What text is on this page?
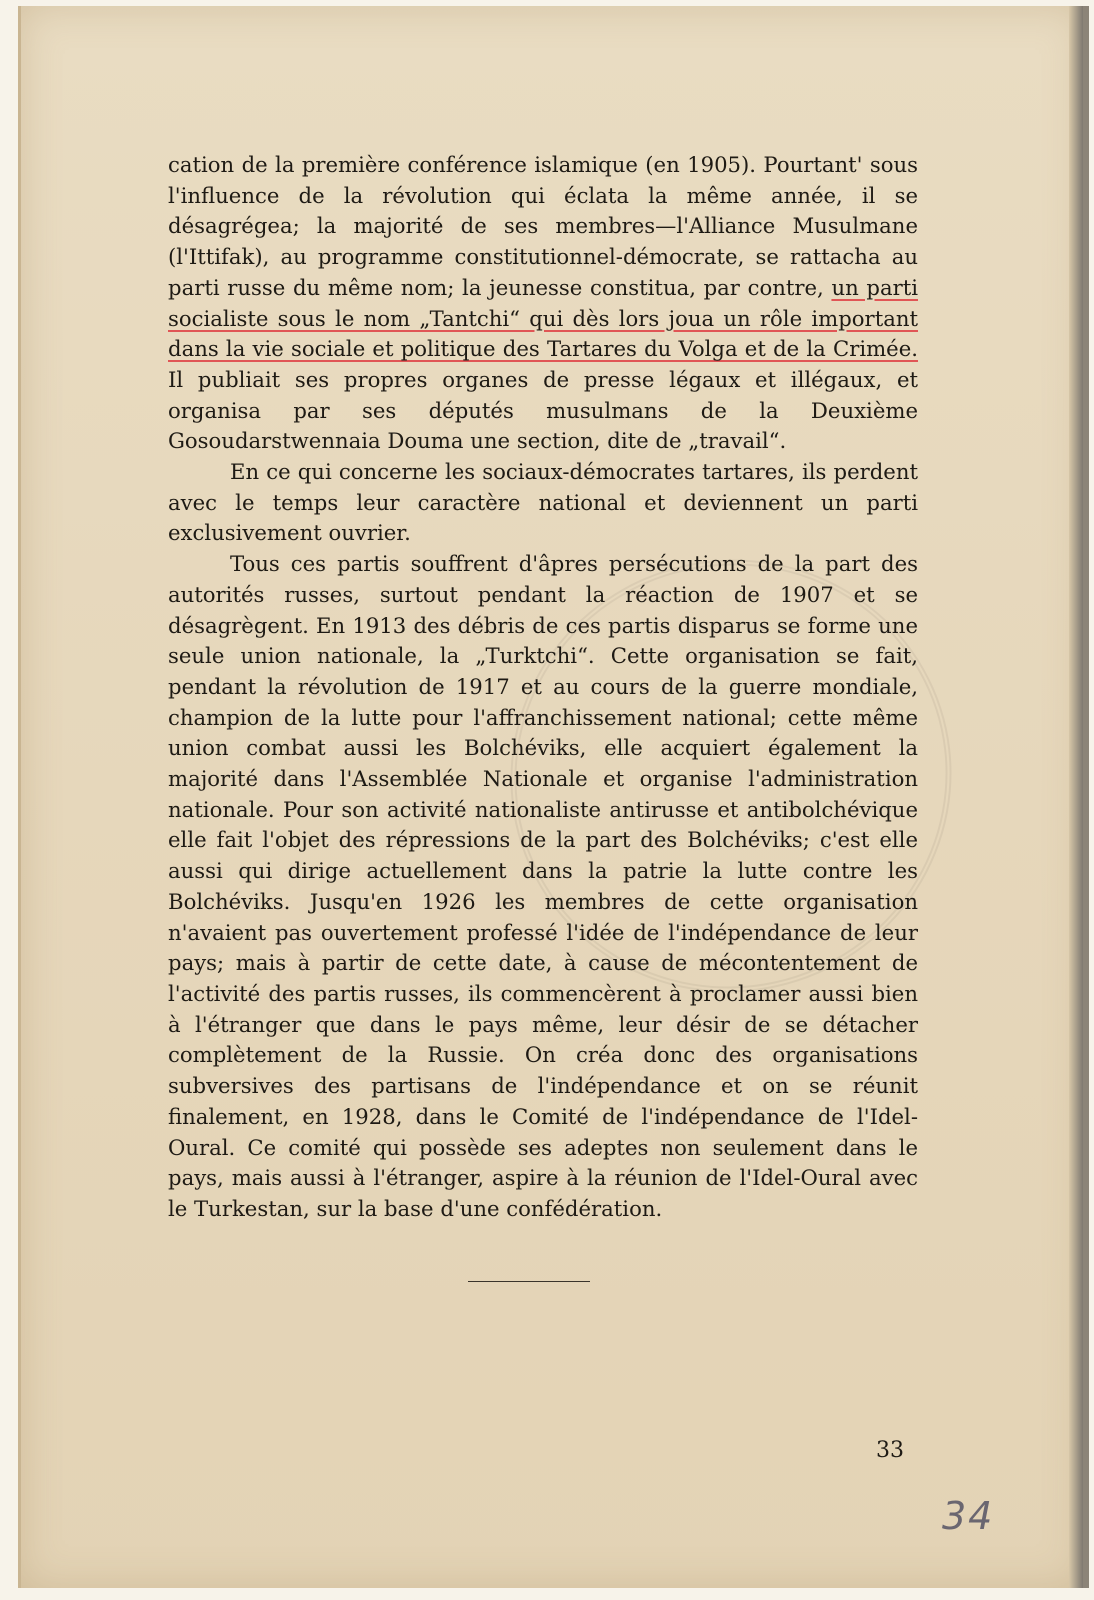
cation de la première conférence islamique (en 1905). Pourtant' sous l'influence de la révolution qui éclata la même année, il se désagrégea; la majorité de ses membres—l'Alliance Musulmane (l'Ittifak), au programme constitutionnel-démocrate, se rattacha au parti russe du même nom; la jeunesse constitua, par contre, un parti socialiste sous le nom „Tantchi“ qui dès lors joua un rôle important dans la vie sociale et politique des Tartares du Volga et de la Crimée. Il publiait ses propres organes de presse légaux et illégaux, et organisa par ses députés musulmans de la Deuxième Gosoudarstwennaia Douma une section, dite de „travail“.

En ce qui concerne les sociaux-démocrates tartares, ils perdent avec le temps leur caractère national et deviennent un parti exclusivement ouvrier.

Tous ces partis souffrent d'âpres persécutions de la part des autorités russes, surtout pendant la réaction de 1907 et se désagrègent. En 1913 des débris de ces partis disparus se forme une seule union nationale, la „Turktchi“. Cette organisation se fait, pendant la révolution de 1917 et au cours de la guerre mondiale, champion de la lutte pour l'affranchissement national; cette même union combat aussi les Bolchéviks, elle acquiert également la majorité dans l'Assemblée Nationale et organise l'administration nationale. Pour son activité nationaliste antirusse et antibolchévique elle fait l'objet des répressions de la part des Bolchéviks; c'est elle aussi qui dirige actuellement dans la patrie la lutte contre les Bolchéviks. Jusqu'en 1926 les membres de cette organisation n'avaient pas ouvertement professé l'idée de l'indépendance de leur pays; mais à partir de cette date, à cause de mécontentement de l'activité des partis russes, ils commencèrent à proclamer aussi bien à l'étranger que dans le pays même, leur désir de se détacher complètement de la Russie. On créa donc des organisations subversives des partisans de l'indépendance et on se réunit finalement, en 1928, dans le Comité de l'indépendance de l'Idel-Oural. Ce comité qui possède ses adeptes non seulement dans le pays, mais aussi à l'étranger, aspire à la réunion de l'Idel-Oural avec le Turkestan, sur la base d'une confédération.

33
34
